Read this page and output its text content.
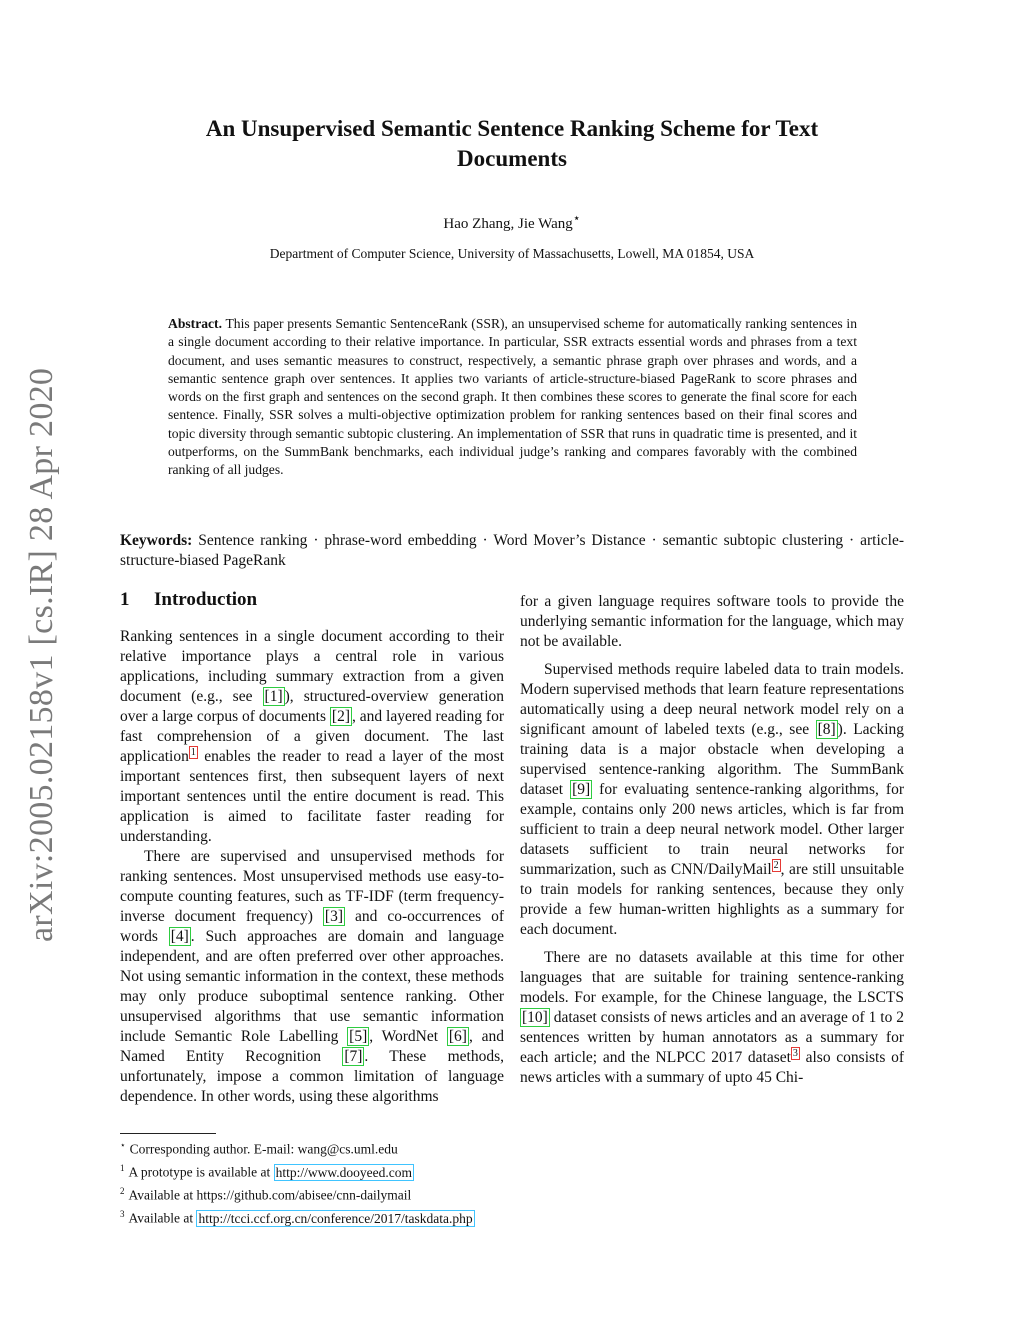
arXiv:2005.02158v1 [cs.IR] 28 Apr 2020
An Unsupervised Semantic Sentence Ranking Scheme for Text
Documents
Hao Zhang, Jie Wang⋆
Department of Computer Science, University of Massachusetts, Lowell, MA 01854, USA
Abstract. This paper presents Semantic SentenceRank (SSR), an unsupervised scheme for automatically ranking sentences in a single document according to their relative importance. In particular, SSR extracts essential words and phrases from a text document, and uses semantic measures to construct, respectively, a semantic phrase graph over phrases and words, and a semantic sentence graph over sentences. It applies two variants of article-structure-biased PageRank to score phrases and words on the first graph and sentences on the second graph. It then combines these scores to generate the final score for each sentence. Finally, SSR solves a multi-objective optimization problem for ranking sentences based on their final scores and topic diversity through semantic subtopic clustering. An implementation of SSR that runs in quadratic time is presented, and it outperforms, on the SummBank benchmarks, each individual judge’s ranking and compares favorably with the combined ranking of all judges.
Keywords: Sentence ranking · phrase-word embedding · Word Mover’s Distance · semantic subtopic clustering · article-structure-biased PageRank
1 Introduction

Ranking sentences in a single document according to their relative importance plays a central role in various applications, including summary extraction from a given document (e.g., see [1] ), structured-overview generation over a large corpus of documents [2] , and layered reading for fast comprehension of a given document. The last application $^1$ enables the reader to read a layer of the most important sentences first, then subsequent layers of next important sentences until the entire document is read. This application is aimed to facilitate faster reading for understanding.

There are supervised and unsupervised methods for ranking sentences. Most unsupervised methods use easy-to-compute counting features, such as TF-IDF (term frequency-inverse document frequency) [3] and co-occurrences of words [4] . Such approaches are domain and language independent, and are often preferred over other approaches. Not using semantic information in the context, these methods may only produce suboptimal sentence ranking. Other unsupervised algorithms that use semantic information include Semantic Role Labelling [5] , WordNet [6] , and Named Entity Recognition [7] . These methods, unfortunately, impose a common limitation of language dependence. In other words, using these algorithms

for a given language requires software tools to provide the underlying semantic information for the language, which may not be available.

Supervised methods require labeled data to train models. Modern supervised methods that learn feature representations automatically using a deep neural network model rely on a significant amount of labeled texts (e.g., see [8] ). Lacking training data is a major obstacle when developing a supervised sentence-ranking algorithm. The SummBank dataset [9] for evaluating sentence-ranking algorithms, for example, contains only 200 news articles, which is far from sufficient to train a deep neural network model. Other larger datasets sufficient to train neural networks for summarization, such as CNN/DailyMail $^2$ , are still unsuitable to train models for ranking sentences, because they only provide a few human-written highlights as a summary for each document.

There are no datasets available at this time for other languages that are suitable for training sentence-ranking models. For example, for the Chinese language, the LSCTS [10] dataset consists of news articles and an average of 1 to 2 sentences written by human annotators as a summary for each article; and the NLPCC 2017 dataset $^3$ also consists of news articles with a summary of upto 45 Chi-

⋆ Corresponding author. E-mail: wang@cs.uml.edu
$^1$ A prototype is available at http://www.dooyeed.com
$^2$ Available at https://github.com/abisee/cnn-dailymail
$^3$ Available at http://tcci.ccf.org.cn/conference/2017/taskdata.php
